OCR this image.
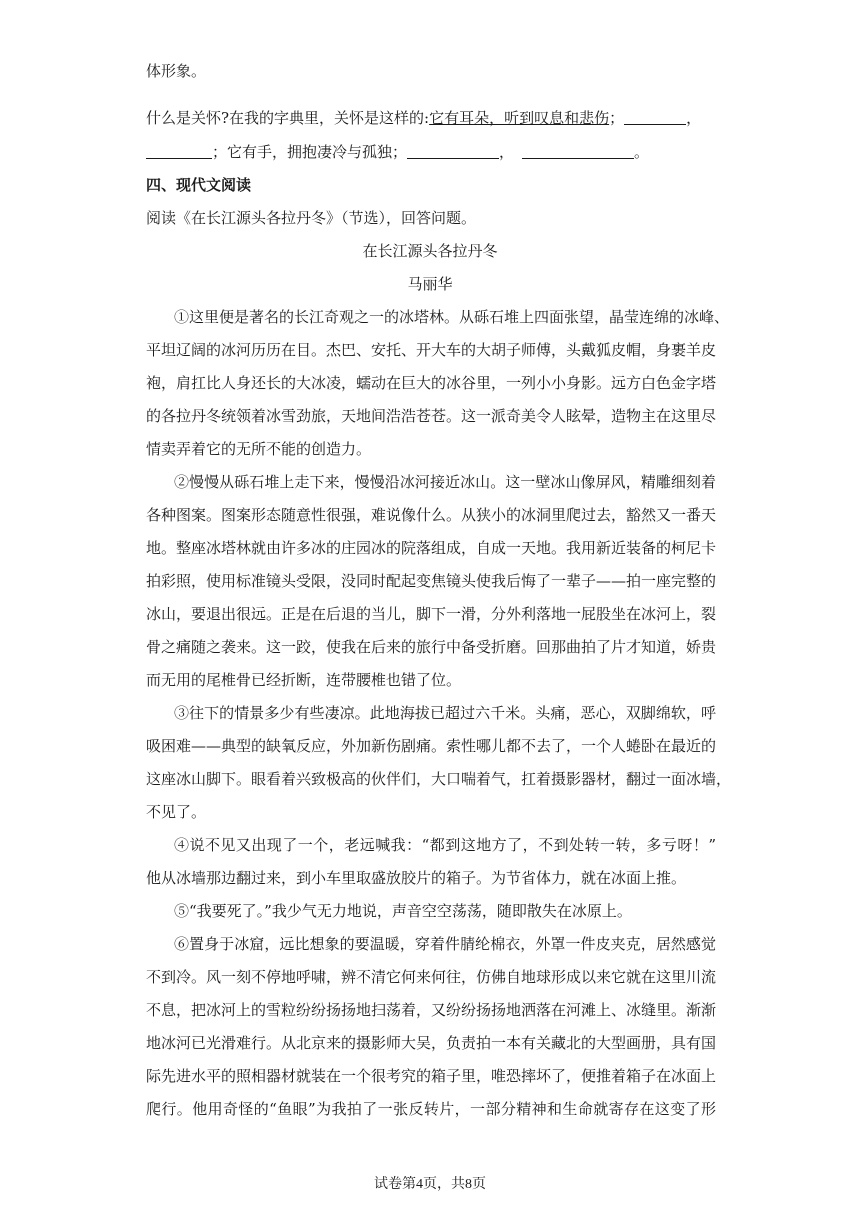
体形象。
什么是关怀?在我的字典里，关怀是这样的:它有耳朵，听到叹息和悲伤；	，
；它有手，拥抱凄冷与孤独；	，	。
四、现代文阅读
阅读《在长江源头各拉丹冬》（节选），回答问题。
在长江源头各拉丹冬
马丽华
①这里便是著名的长江奇观之一的冰塔林。从砾石堆上四面张望，晶莹连绵的冰峰、
平坦辽阔的冰河历历在目。杰巴、安托、开大车的大胡子师傅，头戴狐皮帽，身裹羊皮
袍，肩扛比人身还长的大冰凌，蠕动在巨大的冰谷里，一列小小身影。远方白色金字塔
的各拉丹冬统领着冰雪劲旅，天地间浩浩苍苍。这一派奇美令人眩晕，造物主在这里尽
情卖弄着它的无所不能的创造力。
②慢慢从砾石堆上走下来，慢慢沿冰河接近冰山。这一壁冰山像屏风，精雕细刻着
各种图案。图案形态随意性很强，难说像什么。从狭小的冰洞里爬过去，豁然又一番天
地。整座冰塔林就由许多冰的庄园冰的院落组成，自成一天地。我用新近装备的柯尼卡
拍彩照，使用标准镜头受限，没同时配起变焦镜头使我后悔了一辈子——拍一座完整的
冰山，要退出很远。正是在后退的当儿，脚下一滑，分外利落地一屁股坐在冰河上，裂
骨之痛随之袭来。这一跤，使我在后来的旅行中备受折磨。回那曲拍了片才知道，娇贵
而无用的尾椎骨已经折断，连带腰椎也错了位。
③往下的情景多少有些凄凉。此地海拔已超过六千米。头痛，恶心，双脚绵软，呼
吸困难——典型的缺氧反应，外加新伤剧痛。索性哪儿都不去了，一个人蜷卧在最近的
这座冰山脚下。眼看着兴致极高的伙伴们，大口喘着气，扛着摄影器材，翻过一面冰墙，
不见了。
④说不见又出现了一个，老远喊我：“都到这地方了，不到处转一转，多亏呀！”
他从冰墙那边翻过来，到小车里取盛放胶片的箱子。为节省体力，就在冰面上推。
⑤“我要死了。”我少气无力地说，声音空空荡荡，随即散失在冰原上。
⑥置身于冰窟，远比想象的要温暖，穿着件腈纶棉衣，外罩一件皮夹克，居然感觉
不到冷。风一刻不停地呼啸，辨不清它何来何往，仿佛自地球形成以来它就在这里川流
不息，把冰河上的雪粒纷纷扬扬地扫荡着，又纷纷扬扬地洒落在河滩上、冰缝里。渐渐
地冰河已光滑难行。从北京来的摄影师大吴，负责拍一本有关藏北的大型画册，具有国
际先进水平的照相器材就装在一个很考究的箱子里，唯恐摔坏了，便推着箱子在冰面上
爬行。他用奇怪的“鱼眼”为我拍了一张反转片，一部分精神和生命就寄存在这变了形
试卷第4页，共8页
